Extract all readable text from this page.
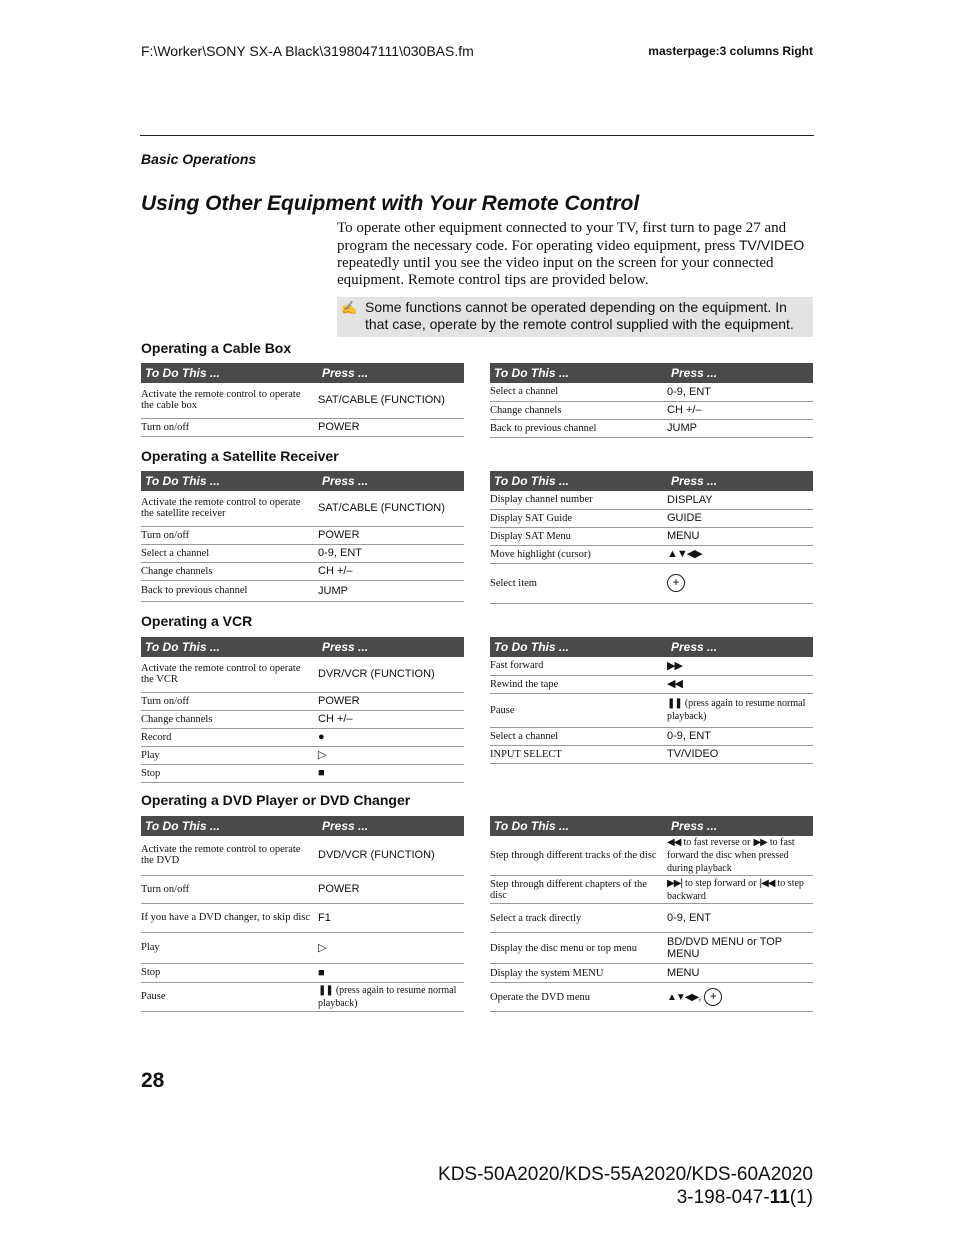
F:\Worker\SONY SX-A Black\3198047111\030BAS.fm	masterpage:3 columns Right
Basic Operations
Using Other Equipment with Your Remote Control
To operate other equipment connected to your TV, first turn to page 27 and program the necessary code. For operating video equipment, press TV/VIDEO repeatedly until you see the video input on the screen for your connected equipment. Remote control tips are provided below.
✍ Some functions cannot be operated depending on the equipment. In that case, operate by the remote control supplied with the equipment.
Operating a Cable Box
To Do This ...	Press ...
Activate the remote control to operate the cable box	SAT/CABLE (FUNCTION)
Turn on/off	POWER
To Do This ...	Press ...
Select a channel	0-9, ENT
Change channels	CH +/–
Back to previous channel	JUMP
Operating a Satellite Receiver
To Do This ...	Press ...
Activate the remote control to operate the satellite receiver	SAT/CABLE (FUNCTION)
Turn on/off	POWER
Select a channel	0-9, ENT
Change channels	CH +/–
Back to previous channel	JUMP
To Do This ...	Press ...
Display channel number	DISPLAY
Display SAT Guide	GUIDE
Display SAT Menu	MENU
Move highlight (cursor)	▲▼◀▶
Select item	+
Operating a VCR
To Do This ...	Press ...
Activate the remote control to operate the VCR	DVR/VCR (FUNCTION)
Turn on/off	POWER
Change channels	CH +/–
Record	●
Play	▷
Stop	■
To Do This ...	Press ...
Fast forward	▶▶
Rewind the tape	◀◀
Pause	❚❚ (press again to resume normal playback)
Select a channel	0-9, ENT
INPUT SELECT	TV/VIDEO
Operating a DVD Player or DVD Changer
To Do This ...	Press ...
Activate the remote control to operate the DVD	DVD/VCR (FUNCTION)
Turn on/off	POWER
If you have a DVD changer, to skip disc	F1
Play	▷
Stop	■
Pause	❚❚ (press again to resume normal playback)
To Do This ...	Press ...
Step through different tracks of the disc	◀◀ to fast reverse or ▶▶ to fast forward the disc when pressed during playback
Step through different chapters of the disc	▶▶| to step forward or |◀◀ to step backward
Select a track directly	0-9, ENT
Display the disc menu or top menu	BD/DVD MENU or TOP MENU
Display the system MENU	MENU
Operate the DVD menu	▲▼◀▶, +
28
KDS-50A2020/KDS-55A2020/KDS-60A2020
3-198-047-11(1)
